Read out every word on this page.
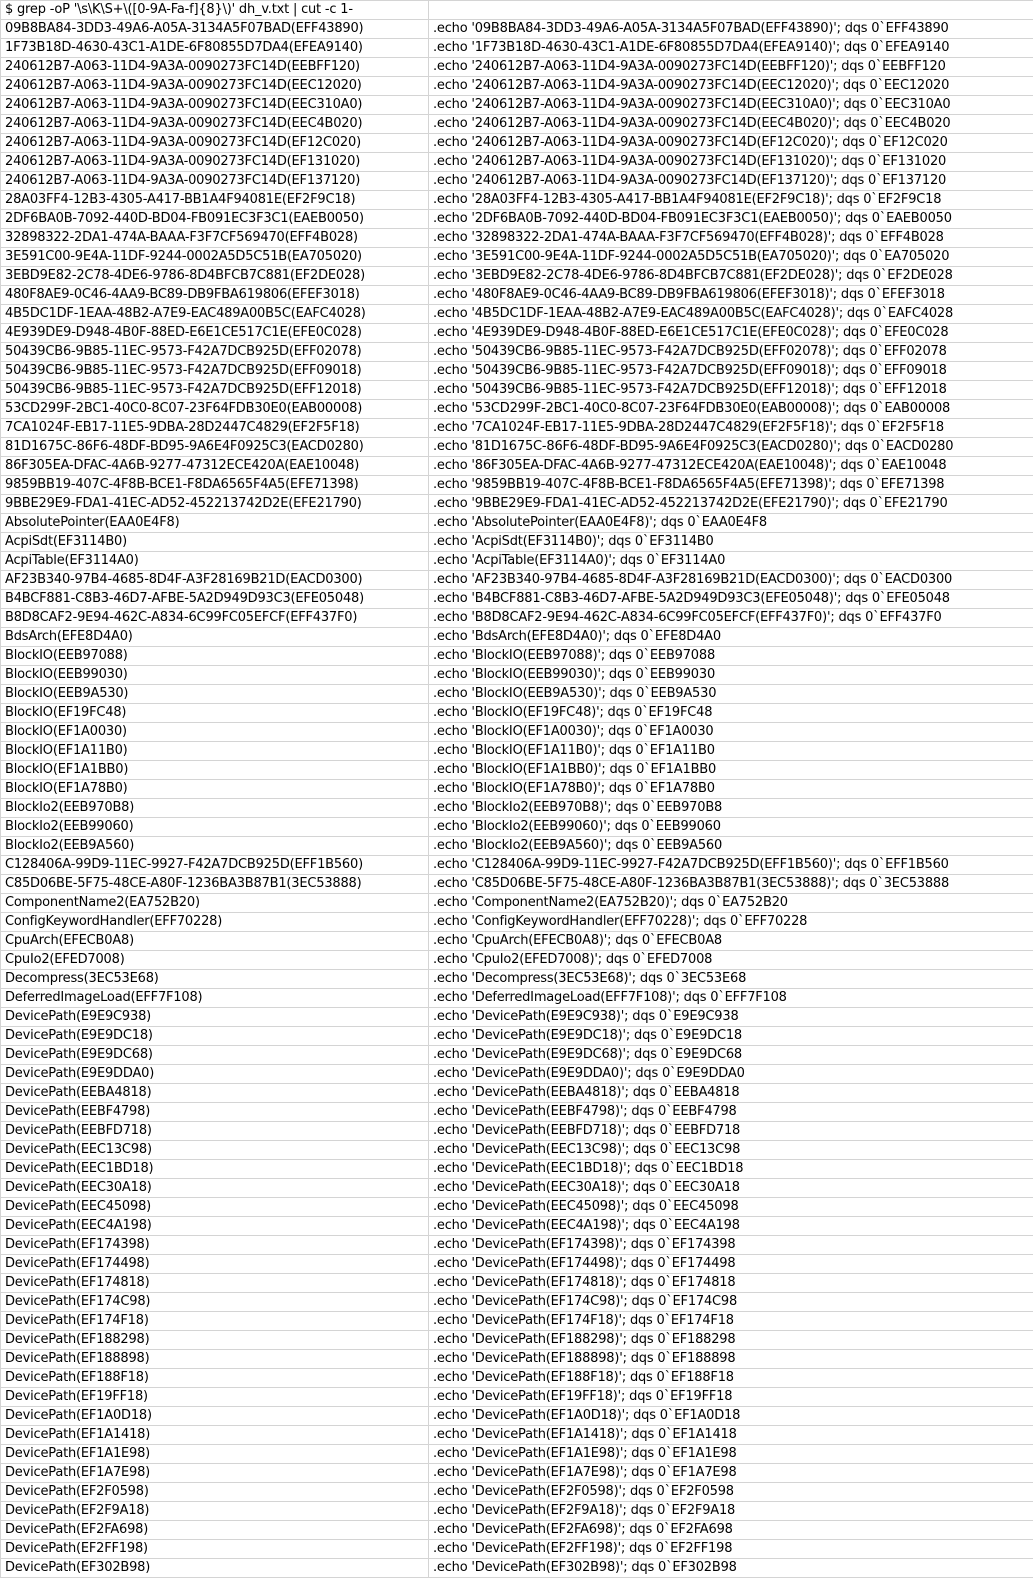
$ grep -oP '\s\K\S+\([0-9A-Fa-f]{8}\)' dh_v.txt | cut -c 1-	
09B8BA84-3DD3-49A6-A05A-3134A5F07BAD(EFF43890)	.echo '09B8BA84-3DD3-49A6-A05A-3134A5F07BAD(EFF43890)'; dqs 0`EFF43890
1F73B18D-4630-43C1-A1DE-6F80855D7DA4(EFEA9140)	.echo '1F73B18D-4630-43C1-A1DE-6F80855D7DA4(EFEA9140)'; dqs 0`EFEA9140
240612B7-A063-11D4-9A3A-0090273FC14D(EEBFF120)	.echo '240612B7-A063-11D4-9A3A-0090273FC14D(EEBFF120)'; dqs 0`EEBFF120
240612B7-A063-11D4-9A3A-0090273FC14D(EEC12020)	.echo '240612B7-A063-11D4-9A3A-0090273FC14D(EEC12020)'; dqs 0`EEC12020
240612B7-A063-11D4-9A3A-0090273FC14D(EEC310A0)	.echo '240612B7-A063-11D4-9A3A-0090273FC14D(EEC310A0)'; dqs 0`EEC310A0
240612B7-A063-11D4-9A3A-0090273FC14D(EEC4B020)	.echo '240612B7-A063-11D4-9A3A-0090273FC14D(EEC4B020)'; dqs 0`EEC4B020
240612B7-A063-11D4-9A3A-0090273FC14D(EF12C020)	.echo '240612B7-A063-11D4-9A3A-0090273FC14D(EF12C020)'; dqs 0`EF12C020
240612B7-A063-11D4-9A3A-0090273FC14D(EF131020)	.echo '240612B7-A063-11D4-9A3A-0090273FC14D(EF131020)'; dqs 0`EF131020
240612B7-A063-11D4-9A3A-0090273FC14D(EF137120)	.echo '240612B7-A063-11D4-9A3A-0090273FC14D(EF137120)'; dqs 0`EF137120
28A03FF4-12B3-4305-A417-BB1A4F94081E(EF2F9C18)	.echo '28A03FF4-12B3-4305-A417-BB1A4F94081E(EF2F9C18)'; dqs 0`EF2F9C18
2DF6BA0B-7092-440D-BD04-FB091EC3F3C1(EAEB0050)	.echo '2DF6BA0B-7092-440D-BD04-FB091EC3F3C1(EAEB0050)'; dqs 0`EAEB0050
32898322-2DA1-474A-BAAA-F3F7CF569470(EFF4B028)	.echo '32898322-2DA1-474A-BAAA-F3F7CF569470(EFF4B028)'; dqs 0`EFF4B028
3E591C00-9E4A-11DF-9244-0002A5D5C51B(EA705020)	.echo '3E591C00-9E4A-11DF-9244-0002A5D5C51B(EA705020)'; dqs 0`EA705020
3EBD9E82-2C78-4DE6-9786-8D4BFCB7C881(EF2DE028)	.echo '3EBD9E82-2C78-4DE6-9786-8D4BFCB7C881(EF2DE028)'; dqs 0`EF2DE028
480F8AE9-0C46-4AA9-BC89-DB9FBA619806(EFEF3018)	.echo '480F8AE9-0C46-4AA9-BC89-DB9FBA619806(EFEF3018)'; dqs 0`EFEF3018
4B5DC1DF-1EAA-48B2-A7E9-EAC489A00B5C(EAFC4028)	.echo '4B5DC1DF-1EAA-48B2-A7E9-EAC489A00B5C(EAFC4028)'; dqs 0`EAFC4028
4E939DE9-D948-4B0F-88ED-E6E1CE517C1E(EFE0C028)	.echo '4E939DE9-D948-4B0F-88ED-E6E1CE517C1E(EFE0C028)'; dqs 0`EFE0C028
50439CB6-9B85-11EC-9573-F42A7DCB925D(EFF02078)	.echo '50439CB6-9B85-11EC-9573-F42A7DCB925D(EFF02078)'; dqs 0`EFF02078
50439CB6-9B85-11EC-9573-F42A7DCB925D(EFF09018)	.echo '50439CB6-9B85-11EC-9573-F42A7DCB925D(EFF09018)'; dqs 0`EFF09018
50439CB6-9B85-11EC-9573-F42A7DCB925D(EFF12018)	.echo '50439CB6-9B85-11EC-9573-F42A7DCB925D(EFF12018)'; dqs 0`EFF12018
53CD299F-2BC1-40C0-8C07-23F64FDB30E0(EAB00008)	.echo '53CD299F-2BC1-40C0-8C07-23F64FDB30E0(EAB00008)'; dqs 0`EAB00008
7CA1024F-EB17-11E5-9DBA-28D2447C4829(EF2F5F18)	.echo '7CA1024F-EB17-11E5-9DBA-28D2447C4829(EF2F5F18)'; dqs 0`EF2F5F18
81D1675C-86F6-48DF-BD95-9A6E4F0925C3(EACD0280)	.echo '81D1675C-86F6-48DF-BD95-9A6E4F0925C3(EACD0280)'; dqs 0`EACD0280
86F305EA-DFAC-4A6B-9277-47312ECE420A(EAE10048)	.echo '86F305EA-DFAC-4A6B-9277-47312ECE420A(EAE10048)'; dqs 0`EAE10048
9859BB19-407C-4F8B-BCE1-F8DA6565F4A5(EFE71398)	.echo '9859BB19-407C-4F8B-BCE1-F8DA6565F4A5(EFE71398)'; dqs 0`EFE71398
9BBE29E9-FDA1-41EC-AD52-452213742D2E(EFE21790)	.echo '9BBE29E9-FDA1-41EC-AD52-452213742D2E(EFE21790)'; dqs 0`EFE21790
AbsolutePointer(EAA0E4F8)	.echo 'AbsolutePointer(EAA0E4F8)'; dqs 0`EAA0E4F8
AcpiSdt(EF3114B0)	.echo 'AcpiSdt(EF3114B0)'; dqs 0`EF3114B0
AcpiTable(EF3114A0)	.echo 'AcpiTable(EF3114A0)'; dqs 0`EF3114A0
AF23B340-97B4-4685-8D4F-A3F28169B21D(EACD0300)	.echo 'AF23B340-97B4-4685-8D4F-A3F28169B21D(EACD0300)'; dqs 0`EACD0300
B4BCF881-C8B3-46D7-AFBE-5A2D949D93C3(EFE05048)	.echo 'B4BCF881-C8B3-46D7-AFBE-5A2D949D93C3(EFE05048)'; dqs 0`EFE05048
B8D8CAF2-9E94-462C-A834-6C99FC05EFCF(EFF437F0)	.echo 'B8D8CAF2-9E94-462C-A834-6C99FC05EFCF(EFF437F0)'; dqs 0`EFF437F0
BdsArch(EFE8D4A0)	.echo 'BdsArch(EFE8D4A0)'; dqs 0`EFE8D4A0
BlockIO(EEB97088)	.echo 'BlockIO(EEB97088)'; dqs 0`EEB97088
BlockIO(EEB99030)	.echo 'BlockIO(EEB99030)'; dqs 0`EEB99030
BlockIO(EEB9A530)	.echo 'BlockIO(EEB9A530)'; dqs 0`EEB9A530
BlockIO(EF19FC48)	.echo 'BlockIO(EF19FC48)'; dqs 0`EF19FC48
BlockIO(EF1A0030)	.echo 'BlockIO(EF1A0030)'; dqs 0`EF1A0030
BlockIO(EF1A11B0)	.echo 'BlockIO(EF1A11B0)'; dqs 0`EF1A11B0
BlockIO(EF1A1BB0)	.echo 'BlockIO(EF1A1BB0)'; dqs 0`EF1A1BB0
BlockIO(EF1A78B0)	.echo 'BlockIO(EF1A78B0)'; dqs 0`EF1A78B0
BlockIo2(EEB970B8)	.echo 'BlockIo2(EEB970B8)'; dqs 0`EEB970B8
BlockIo2(EEB99060)	.echo 'BlockIo2(EEB99060)'; dqs 0`EEB99060
BlockIo2(EEB9A560)	.echo 'BlockIo2(EEB9A560)'; dqs 0`EEB9A560
C128406A-99D9-11EC-9927-F42A7DCB925D(EFF1B560)	.echo 'C128406A-99D9-11EC-9927-F42A7DCB925D(EFF1B560)'; dqs 0`EFF1B560
C85D06BE-5F75-48CE-A80F-1236BA3B87B1(3EC53888)	.echo 'C85D06BE-5F75-48CE-A80F-1236BA3B87B1(3EC53888)'; dqs 0`3EC53888
ComponentName2(EA752B20)	.echo 'ComponentName2(EA752B20)'; dqs 0`EA752B20
ConfigKeywordHandler(EFF70228)	.echo 'ConfigKeywordHandler(EFF70228)'; dqs 0`EFF70228
CpuArch(EFECB0A8)	.echo 'CpuArch(EFECB0A8)'; dqs 0`EFECB0A8
CpuIo2(EFED7008)	.echo 'CpuIo2(EFED7008)'; dqs 0`EFED7008
Decompress(3EC53E68)	.echo 'Decompress(3EC53E68)'; dqs 0`3EC53E68
DeferredImageLoad(EFF7F108)	.echo 'DeferredImageLoad(EFF7F108)'; dqs 0`EFF7F108
DevicePath(E9E9C938)	.echo 'DevicePath(E9E9C938)'; dqs 0`E9E9C938
DevicePath(E9E9DC18)	.echo 'DevicePath(E9E9DC18)'; dqs 0`E9E9DC18
DevicePath(E9E9DC68)	.echo 'DevicePath(E9E9DC68)'; dqs 0`E9E9DC68
DevicePath(E9E9DDA0)	.echo 'DevicePath(E9E9DDA0)'; dqs 0`E9E9DDA0
DevicePath(EEBA4818)	.echo 'DevicePath(EEBA4818)'; dqs 0`EEBA4818
DevicePath(EEBF4798)	.echo 'DevicePath(EEBF4798)'; dqs 0`EEBF4798
DevicePath(EEBFD718)	.echo 'DevicePath(EEBFD718)'; dqs 0`EEBFD718
DevicePath(EEC13C98)	.echo 'DevicePath(EEC13C98)'; dqs 0`EEC13C98
DevicePath(EEC1BD18)	.echo 'DevicePath(EEC1BD18)'; dqs 0`EEC1BD18
DevicePath(EEC30A18)	.echo 'DevicePath(EEC30A18)'; dqs 0`EEC30A18
DevicePath(EEC45098)	.echo 'DevicePath(EEC45098)'; dqs 0`EEC45098
DevicePath(EEC4A198)	.echo 'DevicePath(EEC4A198)'; dqs 0`EEC4A198
DevicePath(EF174398)	.echo 'DevicePath(EF174398)'; dqs 0`EF174398
DevicePath(EF174498)	.echo 'DevicePath(EF174498)'; dqs 0`EF174498
DevicePath(EF174818)	.echo 'DevicePath(EF174818)'; dqs 0`EF174818
DevicePath(EF174C98)	.echo 'DevicePath(EF174C98)'; dqs 0`EF174C98
DevicePath(EF174F18)	.echo 'DevicePath(EF174F18)'; dqs 0`EF174F18
DevicePath(EF188298)	.echo 'DevicePath(EF188298)'; dqs 0`EF188298
DevicePath(EF188898)	.echo 'DevicePath(EF188898)'; dqs 0`EF188898
DevicePath(EF188F18)	.echo 'DevicePath(EF188F18)'; dqs 0`EF188F18
DevicePath(EF19FF18)	.echo 'DevicePath(EF19FF18)'; dqs 0`EF19FF18
DevicePath(EF1A0D18)	.echo 'DevicePath(EF1A0D18)'; dqs 0`EF1A0D18
DevicePath(EF1A1418)	.echo 'DevicePath(EF1A1418)'; dqs 0`EF1A1418
DevicePath(EF1A1E98)	.echo 'DevicePath(EF1A1E98)'; dqs 0`EF1A1E98
DevicePath(EF1A7E98)	.echo 'DevicePath(EF1A7E98)'; dqs 0`EF1A7E98
DevicePath(EF2F0598)	.echo 'DevicePath(EF2F0598)'; dqs 0`EF2F0598
DevicePath(EF2F9A18)	.echo 'DevicePath(EF2F9A18)'; dqs 0`EF2F9A18
DevicePath(EF2FA698)	.echo 'DevicePath(EF2FA698)'; dqs 0`EF2FA698
DevicePath(EF2FF198)	.echo 'DevicePath(EF2FF198)'; dqs 0`EF2FF198
DevicePath(EF302B98)	.echo 'DevicePath(EF302B98)'; dqs 0`EF302B98
